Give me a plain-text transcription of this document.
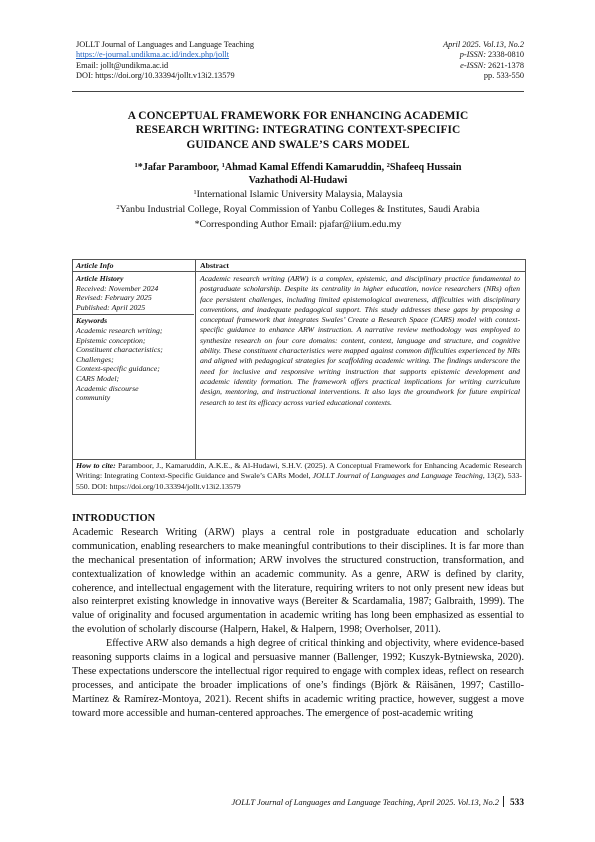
JOLLT Journal of Languages and Language Teaching
https://e-journal.undikma.ac.id/index.php/jollt
Email: jollt@undikma.ac.id
DOI: https://doi.org/10.33394/jollt.v13i2.13579
April 2025. Vol.13, No.2
p-ISSN: 2338-0810
e-ISSN: 2621-1378
pp. 533-550
A CONCEPTUAL FRAMEWORK FOR ENHANCING ACADEMIC
RESEARCH WRITING: INTEGRATING CONTEXT-SPECIFIC
GUIDANCE AND SWALE’S CARS MODEL
$^1$*Jafar Paramboor, $^1$Ahmad Kamal Effendi Kamaruddin, $^2$Shafeeq Hussain
Vazhathodi Al-Hudawi
$^1$International Islamic University Malaysia, Malaysia
$^2$Yanbu Industrial College, Royal Commission of Yanbu Colleges & Institutes, Saudi Arabia
*Corresponding Author Email: pjafar@iium.edu.my
Article Info	Abstract
Article History
Received: November 2024
Revised: February 2025
Published: April 2025
Keywords
Academic research writing;
Epistemic conception;
Constituent characteristics;
Challenges;
Context-specific guidance;
CARS Model;
Academic discourse
community
Academic research writing (ARW) is a complex, epistemic, and disciplinary practice fundamental to postgraduate scholarship. Despite its centrality in higher education, novice researchers (NRs) often face persistent challenges, including limited epistemological awareness, difficulties with disciplinary conventions, and inadequate pedagogical support. This study addresses these gaps by proposing a conceptual framework that integrates Swales’ Create a Research Space (CARS) model with context-specific guidance to enhance ARW instruction. A narrative review methodology was employed to synthesize research on four core domains: content, context, language and structure, and cognitive ability. These constituent characteristics were mapped against common difficulties experienced by NRs and aligned with pedagogical strategies for scaffolding academic writing. The findings underscore the need for inclusive and responsive writing instruction that supports epistemic development and academic identity formation. The framework offers practical implications for writing curriculum design, mentoring, and instructional interventions. It also lays the groundwork for future empirical research to test its efficacy across varied educational contexts.
How to cite: Paramboor, J., Kamaruddin, A.K.E., & Al-Hudawi, S.H.V. (2025). A Conceptual Framework for Enhancing Academic Research Writing: Integrating Context-Specific Guidance and Swale’s CARs Model, JOLLT Journal of Languages and Language Teaching, 13(2), 533-550. DOI: https://doi.org/10.33394/jollt.v13i2.13579
INTRODUCTION

Academic Research Writing (ARW) plays a central role in postgraduate education and scholarly communication, enabling researchers to make meaningful contributions to their disciplines. It is far more than the mechanical presentation of information; ARW involves the structured construction, transformation, and contextualization of knowledge within an academic community. As a genre, ARW is defined by clarity, coherence, and intellectual engagement with the literature, requiring writers to not only present new ideas but also reinterpret existing knowledge in innovative ways (Bereiter & Scardamalia, 1987; Galbraith, 1999). The value of originality and focused argumentation in academic writing has long been emphasized as essential to the evolution of scholarly discourse (Halpern, Hakel, & Halpern, 1998; Overholser, 2011).

Effective ARW also demands a high degree of critical thinking and objectivity, where evidence-based reasoning supports claims in a logical and persuasive manner (Ballenger, 1992; Kuszyk-Bytniewska, 2020). These expectations underscore the intellectual rigor required to engage with complex ideas, reflect on research processes, and anticipate the broader implications of one’s findings (Björk & Räisänen, 1997; Castillo-Martínez & Ramírez-Montoya, 2021). Recent shifts in academic writing practice, however, suggest a move toward more accessible and human-centered approaches. The emergence of post-academic writing

JOLLT Journal of Languages and Language Teaching, April 2025. Vol.13, No.2 533
